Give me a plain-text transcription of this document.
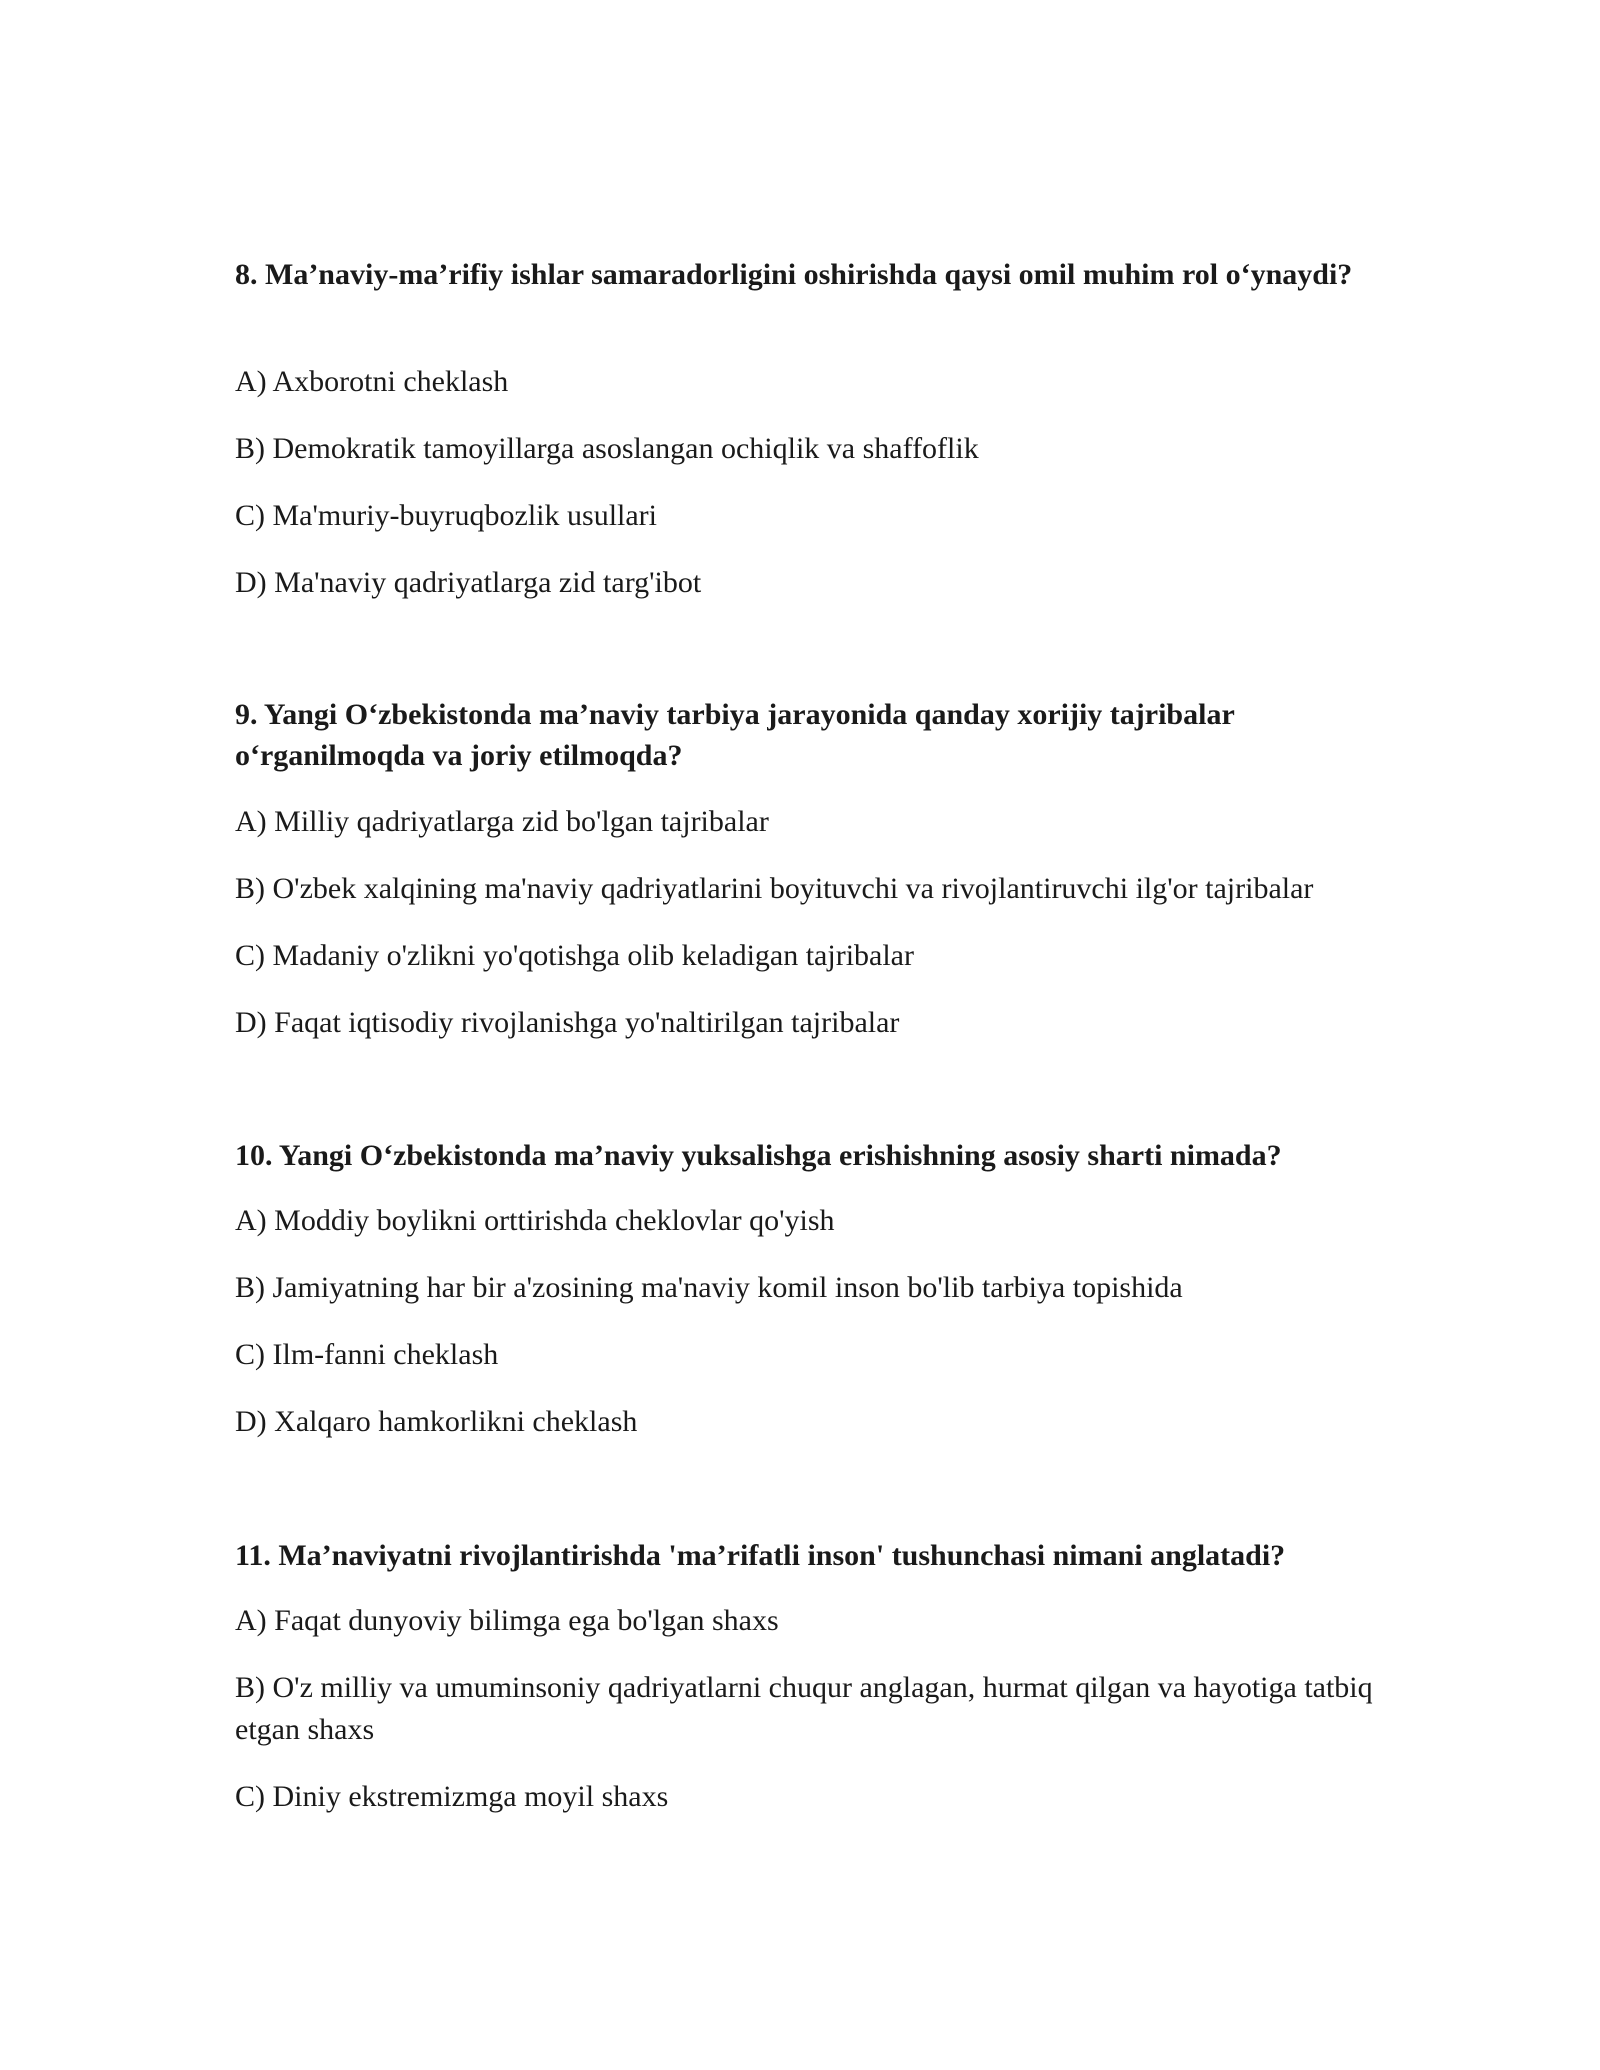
8. Ma’naviy-ma’rifiy ishlar samaradorligini oshirishda qaysi omil muhim rol o‘ynaydi?

A) Axborotni cheklash

B) Demokratik tamoyillarga asoslangan ochiqlik va shaffoflik

C) Ma'muriy-buyruqbozlik usullari

D) Ma'naviy qadriyatlarga zid targ'ibot

9. Yangi O‘zbekistonda ma’naviy tarbiya jarayonida qanday xorijiy tajribalar o‘rganilmoqda va joriy etilmoqda?

A) Milliy qadriyatlarga zid bo'lgan tajribalar

B) O'zbek xalqining ma'naviy qadriyatlarini boyituvchi va rivojlantiruvchi ilg'or tajribalar

C) Madaniy o'zlikni yo'qotishga olib keladigan tajribalar

D) Faqat iqtisodiy rivojlanishga yo'naltirilgan tajribalar

10. Yangi O‘zbekistonda ma’naviy yuksalishga erishishning asosiy sharti nimada?

A) Moddiy boylikni orttirishda cheklovlar qo'yish

B) Jamiyatning har bir a'zosining ma'naviy komil inson bo'lib tarbiya topishida

C) Ilm-fanni cheklash

D) Xalqaro hamkorlikni cheklash

11. Ma’naviyatni rivojlantirishda 'ma’rifatli inson' tushunchasi nimani anglatadi?

A) Faqat dunyoviy bilimga ega bo'lgan shaxs

B) O'z milliy va umuminsoniy qadriyatlarni chuqur anglagan, hurmat qilgan va hayotiga tatbiq etgan shaxs

C) Diniy ekstremizmga moyil shaxs
